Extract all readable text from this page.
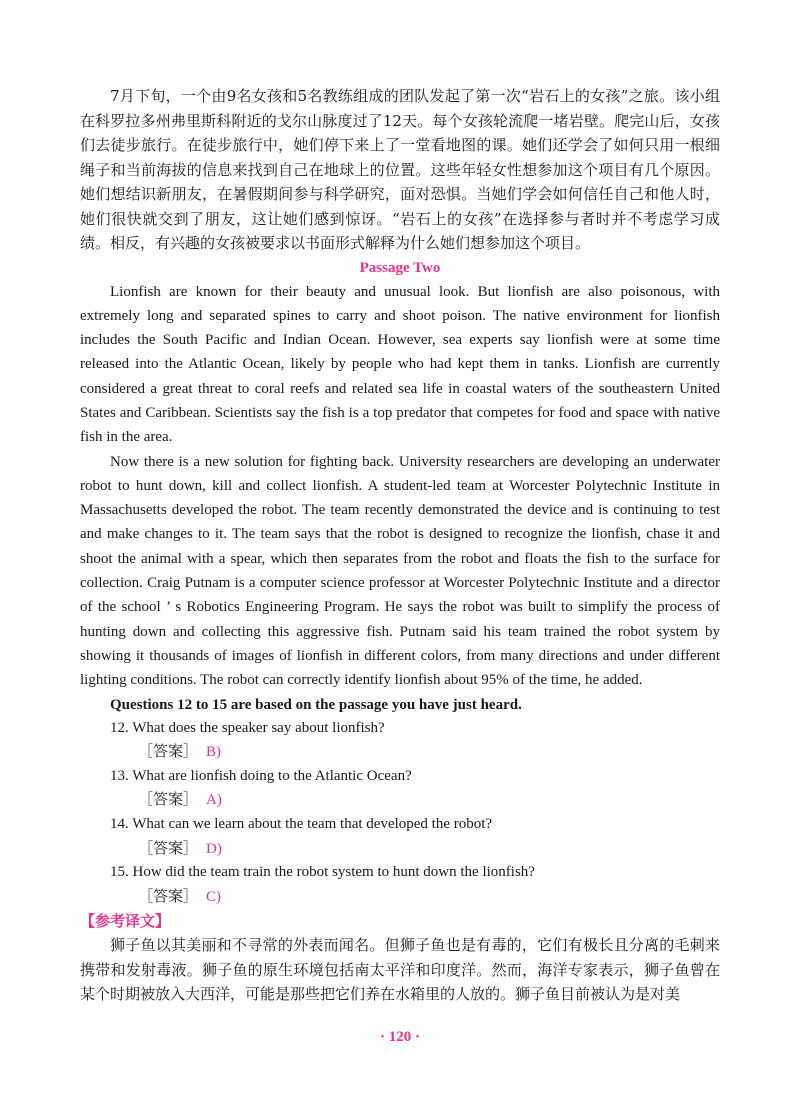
7月下旬，一个由9名女孩和5名教练组成的团队发起了第一次“岩石上的女孩”之旅。该小组在科罗拉多州弗里斯科附近的戈尔山脉度过了12天。每个女孩轮流爬一堵岩壁。爬完山后，女孩们去徒步旅行。在徒步旅行中，她们停下来上了一堂看地图的课。她们还学会了如何只用一根细绳子和当前海拔的信息来找到自己在地球上的位置。这些年轻女性想参加这个项目有几个原因。她们想结识新朋友，在暑假期间参与科学研究，面对恐惧。当她们学会如何信任自己和他人时，她们很快就交到了朋友，这让她们感到惊讶。“岩石上的女孩”在选择参与者时并不考虑学习成绩。相反，有兴趣的女孩被要求以书面形式解释为什么她们想参加这个项目。

Passage Two

Lionfish are known for their beauty and unusual look. But lionfish are also poisonous, with extremely long and separated spines to carry and shoot poison. The native environment for lionfish includes the South Pacific and Indian Ocean. However, sea experts say lionfish were at some time released into the Atlantic Ocean, likely by people who had kept them in tanks. Lionfish are currently considered a great threat to coral reefs and related sea life in coastal waters of the southeastern United States and Caribbean. Scientists say the fish is a top predator that competes for food and space with native fish in the area.

Now there is a new solution for fighting back. University researchers are developing an underwater robot to hunt down, kill and collect lionfish. A student-led team at Worcester Polytechnic Institute in Massachusetts developed the robot. The team recently demonstrated the device and is continuing to test and make changes to it. The team says that the robot is designed to recognize the lionfish, chase it and shoot the animal with a spear, which then separates from the robot and floats the fish to the surface for collection. Craig Putnam is a computer science professor at Worcester Polytechnic Institute and a director of the school ’ s Robotics Engineering Program. He says the robot was built to simplify the process of hunting down and collecting this aggressive fish. Putnam said his team trained the robot system by showing it thousands of images of lionfish in different colors, from many directions and under different lighting conditions. The robot can correctly identify lionfish about 95% of the time, he added.

Questions 12 to 15 are based on the passage you have just heard.

12. What does the speaker say about lionfish?

［答案］ B)

13. What are lionfish doing to the Atlantic Ocean?

［答案］ A)

14. What can we learn about the team that developed the robot?

［答案］ D)

15. How did the team train the robot system to hunt down the lionfish?

［答案］ C)

【参考译文】

狮子鱼以其美丽和不寻常的外表而闻名。但狮子鱼也是有毒的，它们有极长且分离的毛刺来携带和发射毒液。狮子鱼的原生环境包括南太平洋和印度洋。然而，海洋专家表示，狮子鱼曾在某个时期被放入大西洋，可能是那些把它们养在水箱里的人放的。狮子鱼目前被认为是对美

· 120 ·
